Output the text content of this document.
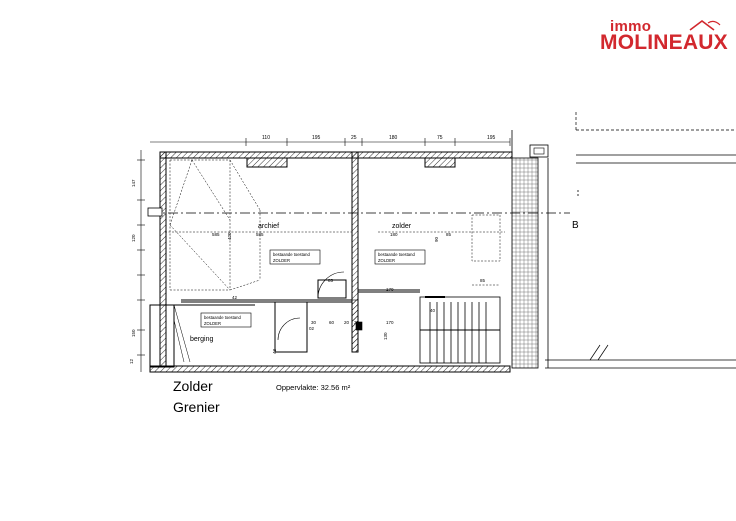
immo
MOLINEAUX
110	195	25	180	75	195
147
120
150
12
B
archief	zolder
berging
bestaande toestand
ZOLDER
bestaande toestand
ZOLDER
bestaande toestand
ZOLDER
585
585	180	85
85
85
170
170
30	60 20 25
40
02
42
420	90
130
43
Zolder
Grenier
Oppervlakte: 32.56 m²
